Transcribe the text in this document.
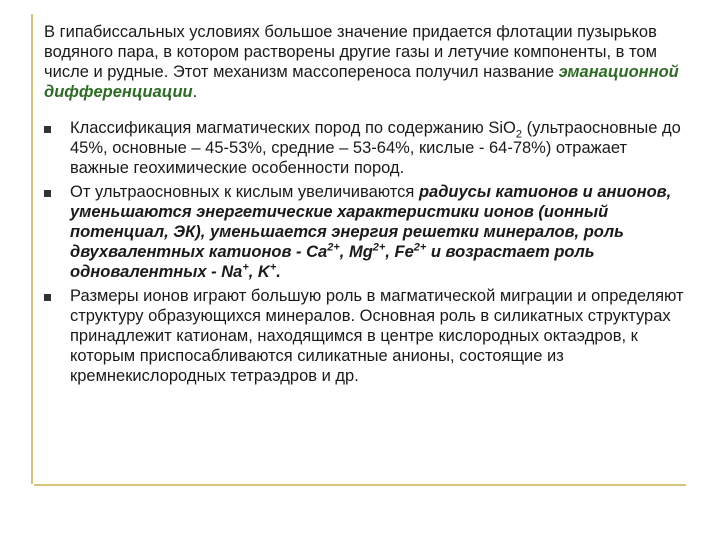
В гипабиссальных условиях большое значение придается флотации пузырьков водяного пара, в котором растворены другие газы и летучие компоненты, в том числе и рудные. Этот механизм массопереноса получил название эманационной дифференциации.

Классификация магматических пород по содержанию SiO$_2$ (ультраосновные до 45%, основные – 45-53%, средние – 53-64%, кислые - 64-78%) отражает важные геохимические особенности пород.
От ультраосновных к кислым увеличиваются радиусы катионов и анионов, уменьшаются энергетические характеристики ионов (ионный потенциал, ЭК), уменьшается энергия решетки минералов, роль двухвалентных катионов - $Ca^{2+}$, $Mg^{2+}$, $Fe^{2+}$ и возрастает роль одновалентных - Na+, K+.
Размеры ионов играют большую роль в магматической миграции и определяют структуру образующихся минералов. Основная роль в силикатных структурах принадлежит катионам, находящимся в центре кислородных октаэдров, к которым приспосабливаются силикатные анионы, состоящие из кремнекислородных тетраэдров и др.
